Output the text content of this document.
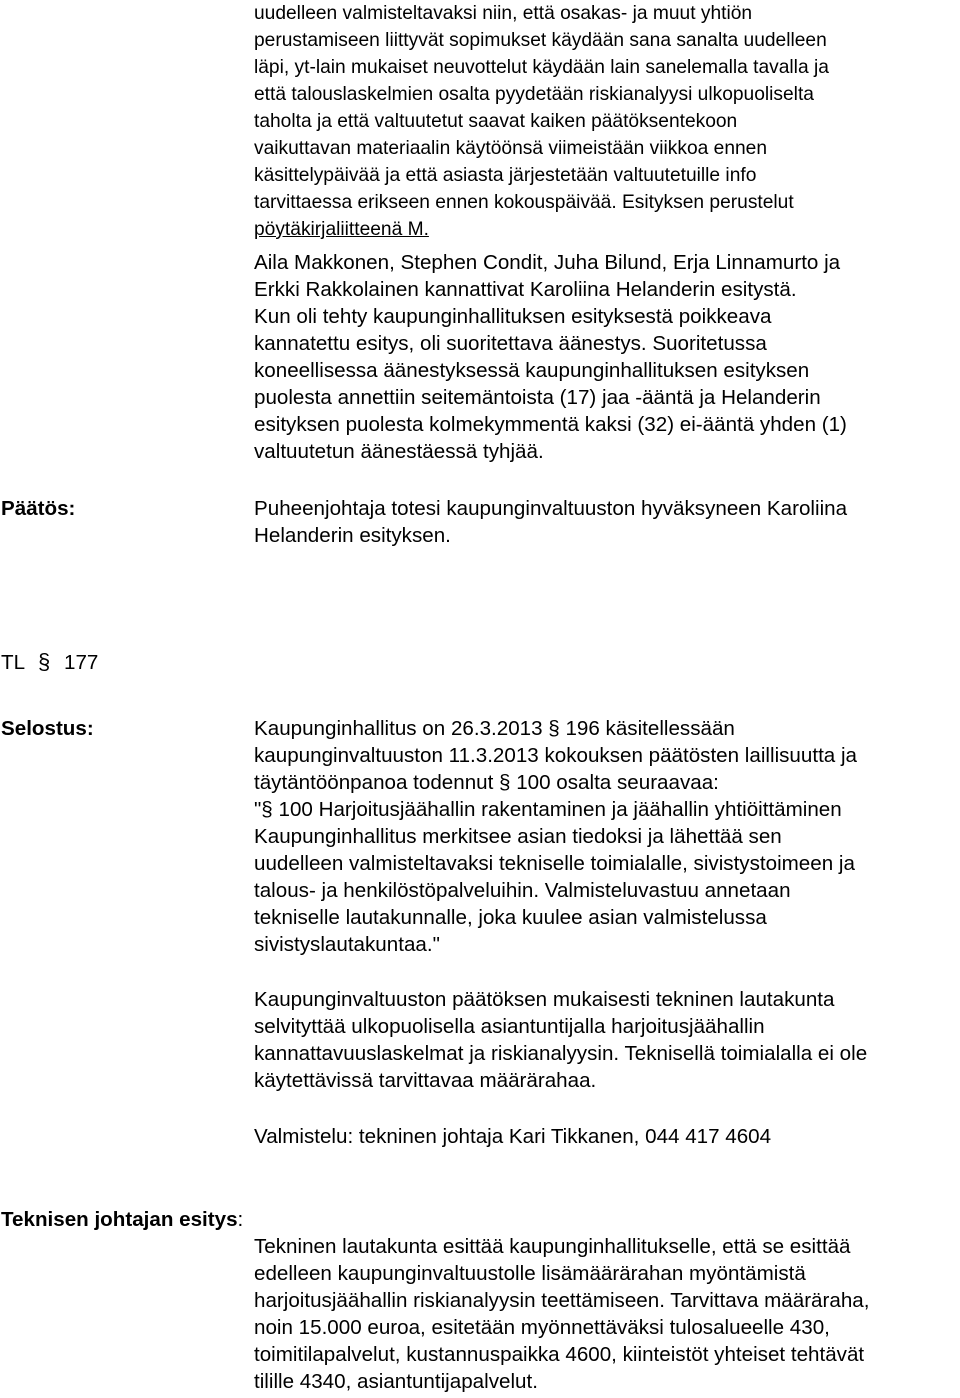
uudelleen valmisteltavaksi niin, että osakas- ja muut yhtiön

perustamiseen liittyvät sopimukset käydään sana sanalta uudelleen

läpi, yt-lain mukaiset neuvottelut käydään lain sanelemalla tavalla ja

että talouslaskelmien osalta pyydetään riskianalyysi ulkopuoliselta

taholta ja että valtuutetut saavat kaiken päätöksentekoon

vaikuttavan materiaalin käytöönsä viimeistään viikkoa ennen

käsittelypäivää ja että asiasta järjestetään valtuutetuille info

tarvittaessa erikseen ennen kokouspäivää. Esityksen perustelut

pöytäkirjaliitteenä M.

Aila Makkonen, Stephen Condit, Juha Bilund, Erja Linnamurto ja

Erkki Rakkolainen kannattivat Karoliina Helanderin esitystä.

Kun oli tehty kaupunginhallituksen esityksestä poikkeava

kannatettu esitys, oli suoritettava äänestys. Suoritetussa

koneellisessa äänestyksessä kaupunginhallituksen esityksen

puolesta annettiin seitemäntoista (17) jaa -ääntä ja Helanderin

esityksen puolesta kolmekymmentä kaksi (32) ei-ääntä yhden (1)

valtuutetun äänestäessä tyhjää.

Päätös:	Puheenjohtaja totesi kaupunginvaltuuston hyväksyneen Karoliina

Helanderin esityksen.

TL § 177
Selostus:	Kaupunginhallitus on 26.3.2013 § 196 käsitellessään

kaupunginvaltuuston 11.3.2013 kokouksen päätösten laillisuutta ja

täytäntöönpanoa todennut § 100 osalta seuraavaa:

"§ 100 Harjoitusjäähallin rakentaminen ja jäähallin yhtiöittäminen

Kaupunginhallitus merkitsee asian tiedoksi ja lähettää sen

uudelleen valmisteltavaksi tekniselle toimialalle, sivistystoimeen ja

talous- ja henkilöstöpalveluihin. Valmisteluvastuu annetaan

tekniselle lautakunnalle, joka kuulee asian valmistelussa

sivistyslautakuntaa."

Kaupunginvaltuuston päätöksen mukaisesti tekninen lautakunta

selvityttää ulkopuolisella asiantuntijalla harjoitusjäähallin

kannattavuuslaskelmat ja riskianalyysin. Teknisellä toimialalla ei ole

käytettävissä tarvittavaa määrärahaa.

Valmistelu: tekninen johtaja Kari Tikkanen, 044 417 4604
Teknisen johtajan esitys:

Tekninen lautakunta esittää kaupunginhallitukselle, että se esittää

edelleen kaupunginvaltuustolle lisämäärärahan myöntämistä

harjoitusjäähallin riskianalyysin teettämiseen. Tarvittava määräraha,

noin 15.000 euroa, esitetään myönnettäväksi tulosalueelle 430,

toimitilapalvelut, kustannuspaikka 4600, kiinteistöt yhteiset tehtävät

tilille 4340, asiantuntijapalvelut.
